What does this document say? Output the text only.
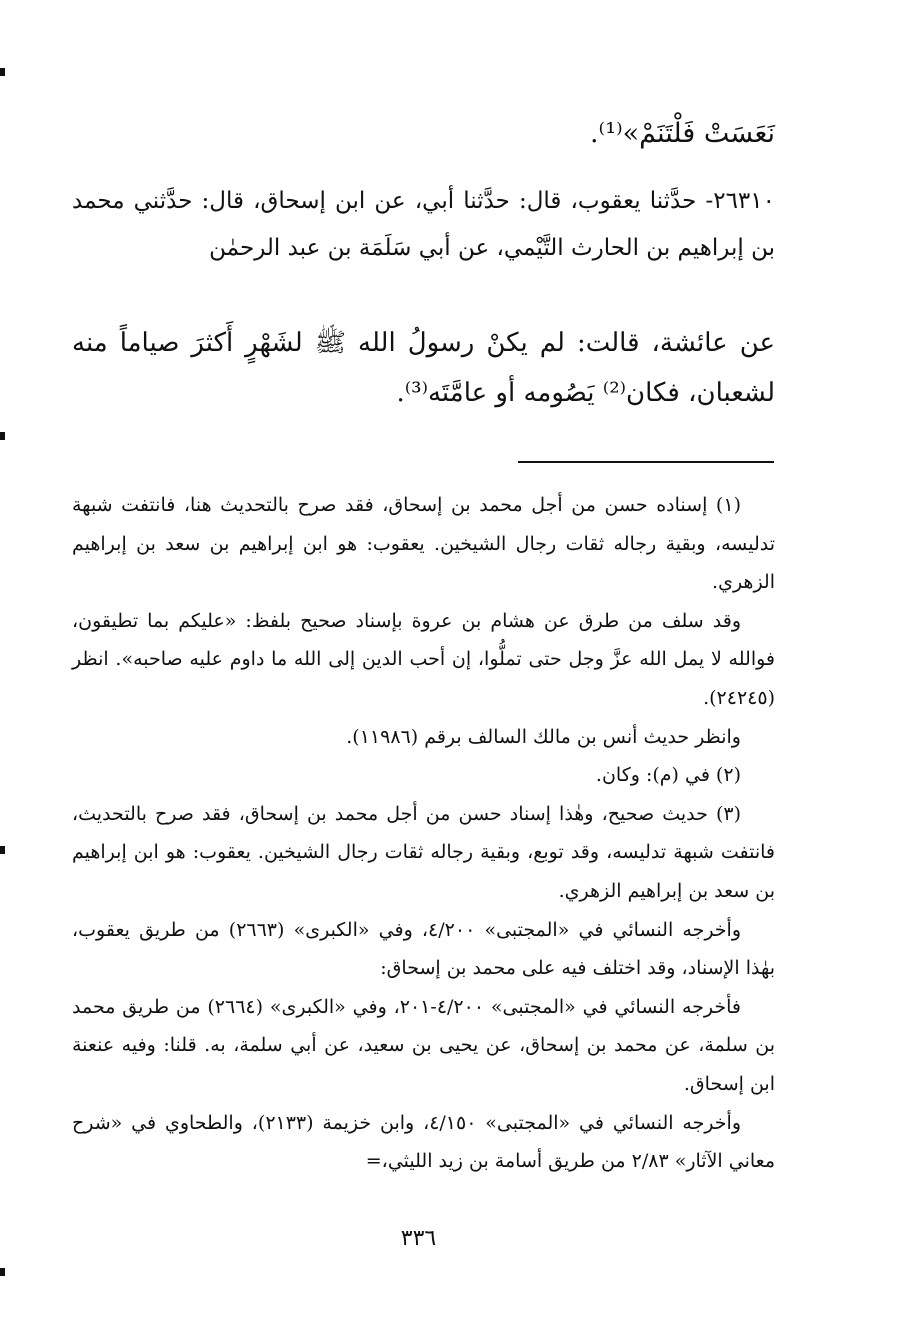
نَعَسَتْ فَلْتَنَمْ»⁽¹⁾.
٢٦٣١٠- حدَّثنا يعقوب، قال: حدَّثنا أبي، عن ابن إسحاق، قال: حدَّثني محمد بن إبراهيم بن الحارث التَّيْمي، عن أبي سَلَمَة بن عبد الرحمٰن
عن عائشة، قالت: لم يكنْ رسولُ الله ﷺ لشَهْرٍ أَكثرَ صياماً منه لشعبان، فكان⁽²⁾ يَصُومه أو عامَّتَه⁽³⁾.

(١) إسناده حسن من أجل محمد بن إسحاق، فقد صرح بالتحديث هنا، فانتفت شبهة تدليسه، وبقية رجاله ثقات رجال الشيخين. يعقوب: هو ابن إبراهيم بن سعد بن إبراهيم الزهري.

وقد سلف من طرق عن هشام بن عروة بإسناد صحيح بلفظ: «عليكم بما تطيقون، فوالله لا يمل الله عزَّ وجل حتى تملُّوا، إن أحب الدين إلى الله ما داوم عليه صاحبه». انظر (٢٤٢٤٥).

وانظر حديث أنس بن مالك السالف برقم (١١٩٨٦).

(٢) في (م): وكان.

(٣) حديث صحيح، وهٰذا إسناد حسن من أجل محمد بن إسحاق، فقد صرح بالتحديث، فانتفت شبهة تدليسه، وقد توبع، وبقية رجاله ثقات رجال الشيخين. يعقوب: هو ابن إبراهيم بن سعد بن إبراهيم الزهري.

وأخرجه النسائي في «المجتبى» ٤/٢٠٠، وفي «الكبرى» (٢٦٦٣) من طريق يعقوب، بهٰذا الإسناد، وقد اختلف فيه على محمد بن إسحاق:

فأخرجه النسائي في «المجتبى» ٤/٢٠٠-٢٠١، وفي «الكبرى» (٢٦٦٤) من طريق محمد بن سلمة، عن محمد بن إسحاق، عن يحيى بن سعيد، عن أبي سلمة، به. قلنا: وفيه عنعنة ابن إسحاق.

وأخرجه النسائي في «المجتبى» ٤/١٥٠، وابن خزيمة (٢١٣٣)، والطحاوي في «شرح معاني الآثار» ٢/٨٣ من طريق أسامة بن زيد الليثي،=

٣٣٦
